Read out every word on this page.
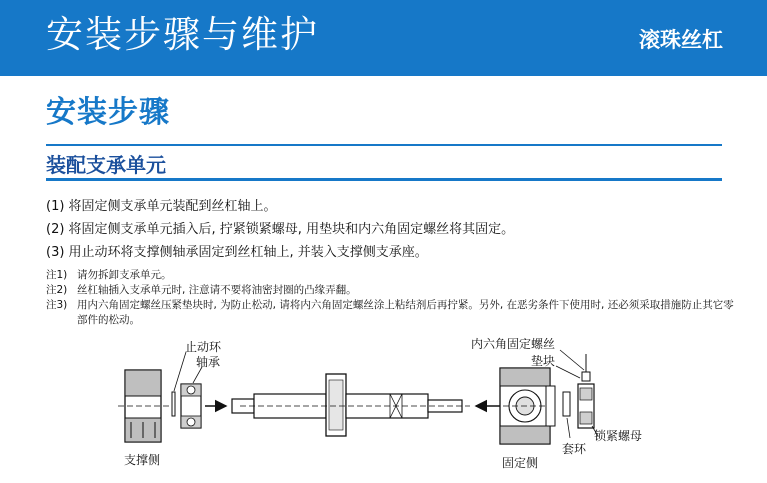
安装步骤与维护	滚珠丝杠
安装步骤
装配支承单元
(1) 将固定侧支承单元装配到丝杠轴上。
(2) 将固定侧支承单元插入后, 拧紧锁紧螺母, 用垫块和内六角固定螺丝将其固定。
(3) 用止动环将支撑侧轴承固定到丝杠轴上, 并装入支撑侧支承座。
注1) 请勿拆卸支承单元。
注2) 丝杠轴插入支承单元时, 注意请不要将油密封圈的凸缘弄翻。
注3) 用内六角固定螺丝压紧垫块时, 为防止松动, 请将内六角固定螺丝涂上粘结剂后再拧紧。另外, 在恶劣条件下使用时, 还必须采取措施防止其它零部件的松动。
止动环
轴承
支撑侧
内六角固定螺丝
垫块
套环
锁紧螺母
固定侧
